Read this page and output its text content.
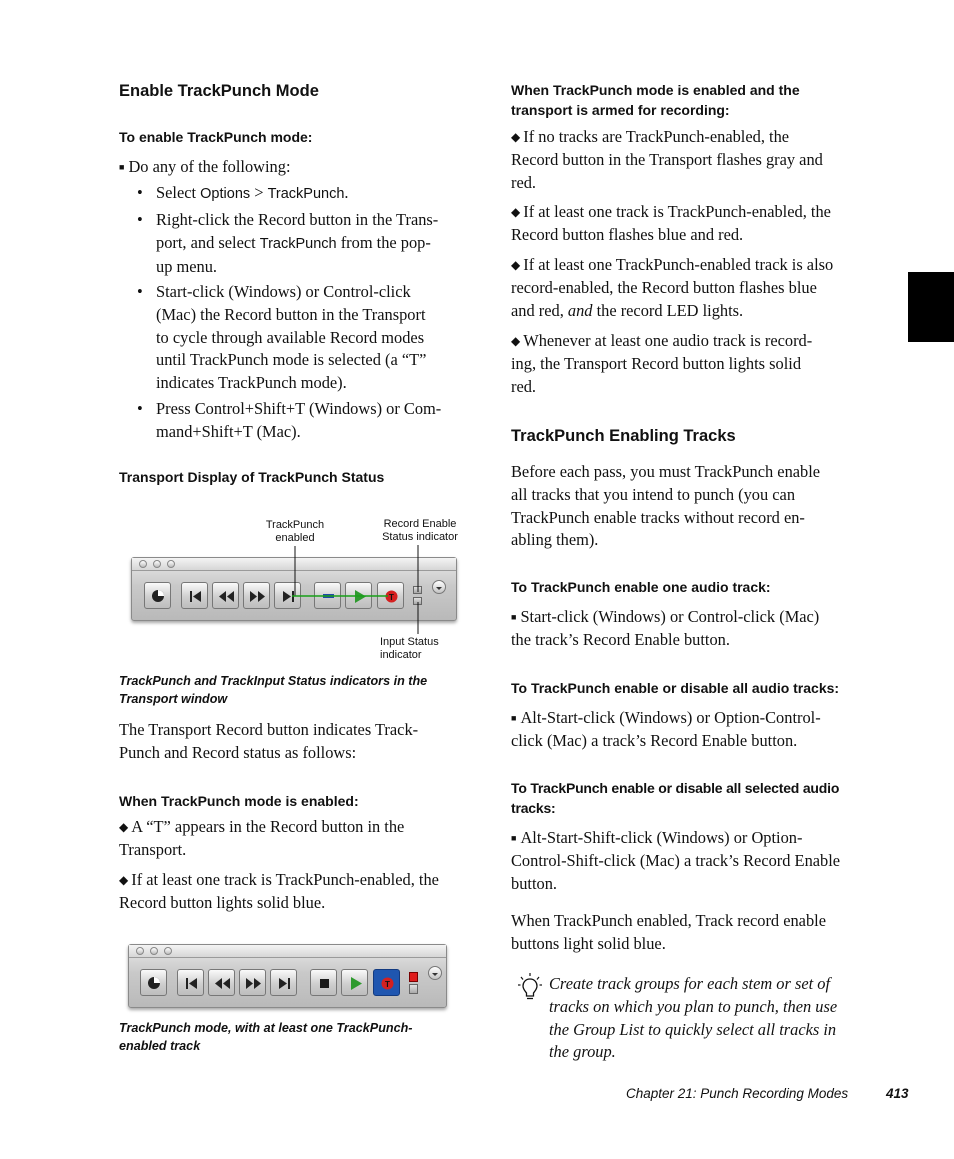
Enable TrackPunch Mode
To enable TrackPunch mode:
■ Do any of the following:
• Select Options > TrackPunch.
• Right-click the Record button in the Trans-
port, and select TrackPunch from the pop-
up menu.
• Start-click (Windows) or Control-click
(Mac) the Record button in the Transport
to cycle through available Record modes
until TrackPunch mode is selected (a “T”
indicates TrackPunch mode).
• Press Control+Shift+T (Windows) or Com-
mand+Shift+T (Mac).
Transport Display of TrackPunch Status
TrackPunch
enabled
Record Enable
Status indicator
Input Status
indicator
T
TrackPunch and TrackInput Status indicators in the
Transport window
The Transport Record button indicates Track-
Punch and Record status as follows:
When TrackPunch mode is enabled:
◆ A “T” appears in the Record button in the
Transport.
◆ If at least one track is TrackPunch-enabled, the
Record button lights solid blue.
T
TrackPunch mode, with at least one TrackPunch-
enabled track
When TrackPunch mode is enabled and the
transport is armed for recording:
◆ If no tracks are TrackPunch-enabled, the
Record button in the Transport flashes gray and
red.
◆ If at least one track is TrackPunch-enabled, the
Record button flashes blue and red.
◆ If at least one TrackPunch-enabled track is also
record-enabled, the Record button flashes blue
and red, and the record LED lights.
◆ Whenever at least one audio track is record-
ing, the Transport Record button lights solid
red.
TrackPunch Enabling Tracks
Before each pass, you must TrackPunch enable
all tracks that you intend to punch (you can
TrackPunch enable tracks without record en-
abling them).
To TrackPunch enable one audio track:
■ Start-click (Windows) or Control-click (Mac)
the track’s Record Enable button.
To TrackPunch enable or disable all audio tracks:
■ Alt-Start-click (Windows) or Option-Control-
click (Mac) a track’s Record Enable button.
To TrackPunch enable or disable all selected audio
tracks:
■ Alt-Start-Shift-click (Windows) or Option-
Control-Shift-click (Mac) a track’s Record Enable
button.
When TrackPunch enabled, Track record enable
buttons light solid blue.
Create track groups for each stem or set of
tracks on which you plan to punch, then use
the Group List to quickly select all tracks in
the group.
Chapter 21: Punch Recording Modes	413
